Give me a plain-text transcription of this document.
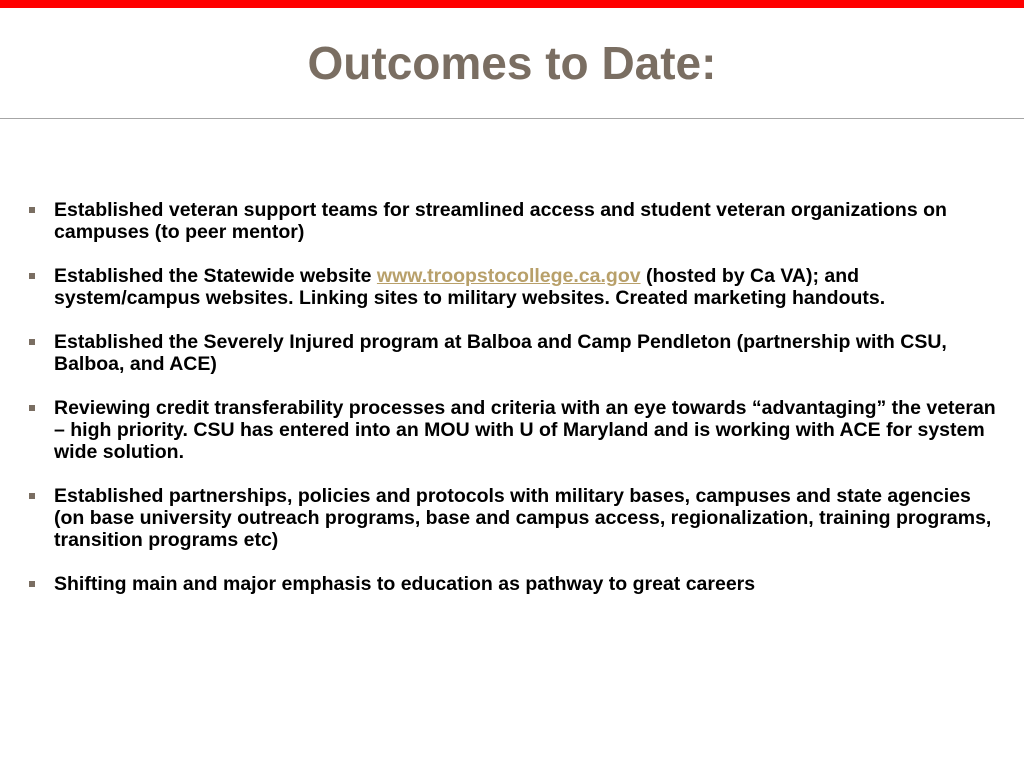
Outcomes to Date:
Established veteran support teams for streamlined access and student veteran organizations on campuses (to peer mentor)
Established the Statewide website www.troopstocollege.ca.gov (hosted by Ca VA); and system/campus websites. Linking sites to military websites. Created marketing handouts.
Established the Severely Injured program at Balboa and Camp Pendleton (partnership with CSU, Balboa, and ACE)
Reviewing credit transferability processes and criteria with an eye towards “advantaging” the veteran – high priority. CSU has entered into an MOU with U of Maryland and is working with ACE for system wide solution.
Established partnerships, policies and protocols with military bases, campuses and state agencies (on base university outreach programs, base and campus access, regionalization, training programs, transition programs etc)
Shifting main and major emphasis to education as pathway to great careers
